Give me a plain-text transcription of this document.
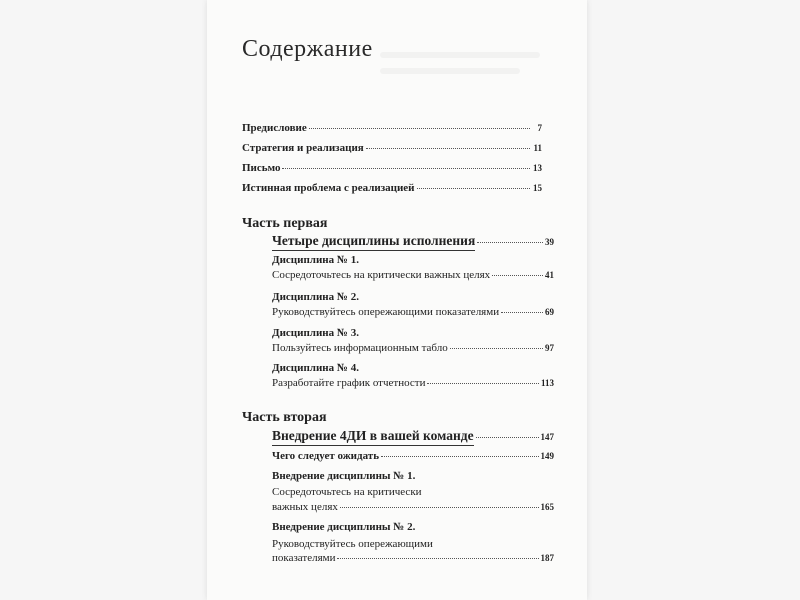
Содержание
Предисловие	7
Стратегия и реализация	11
Письмо	13
Истинная проблема с реализацией	15
Часть первая
Четыре дисциплины исполнения	39
Дисциплина № 1.
Сосредоточьтесь на критически важных целях	41
Дисциплина № 2.
Руководствуйтесь опережающими показателями	69
Дисциплина № 3.
Пользуйтесь информационным табло	97
Дисциплина № 4.
Разработайте график отчетности	113
Часть вторая
Внедрение 4ДИ в вашей команде	147
Чего следует ожидать	149
Внедрение дисциплины № 1.
Сосредоточьтесь на критически
важных целях	165
Внедрение дисциплины № 2.
Руководствуйтесь опережающими
показателями	187
